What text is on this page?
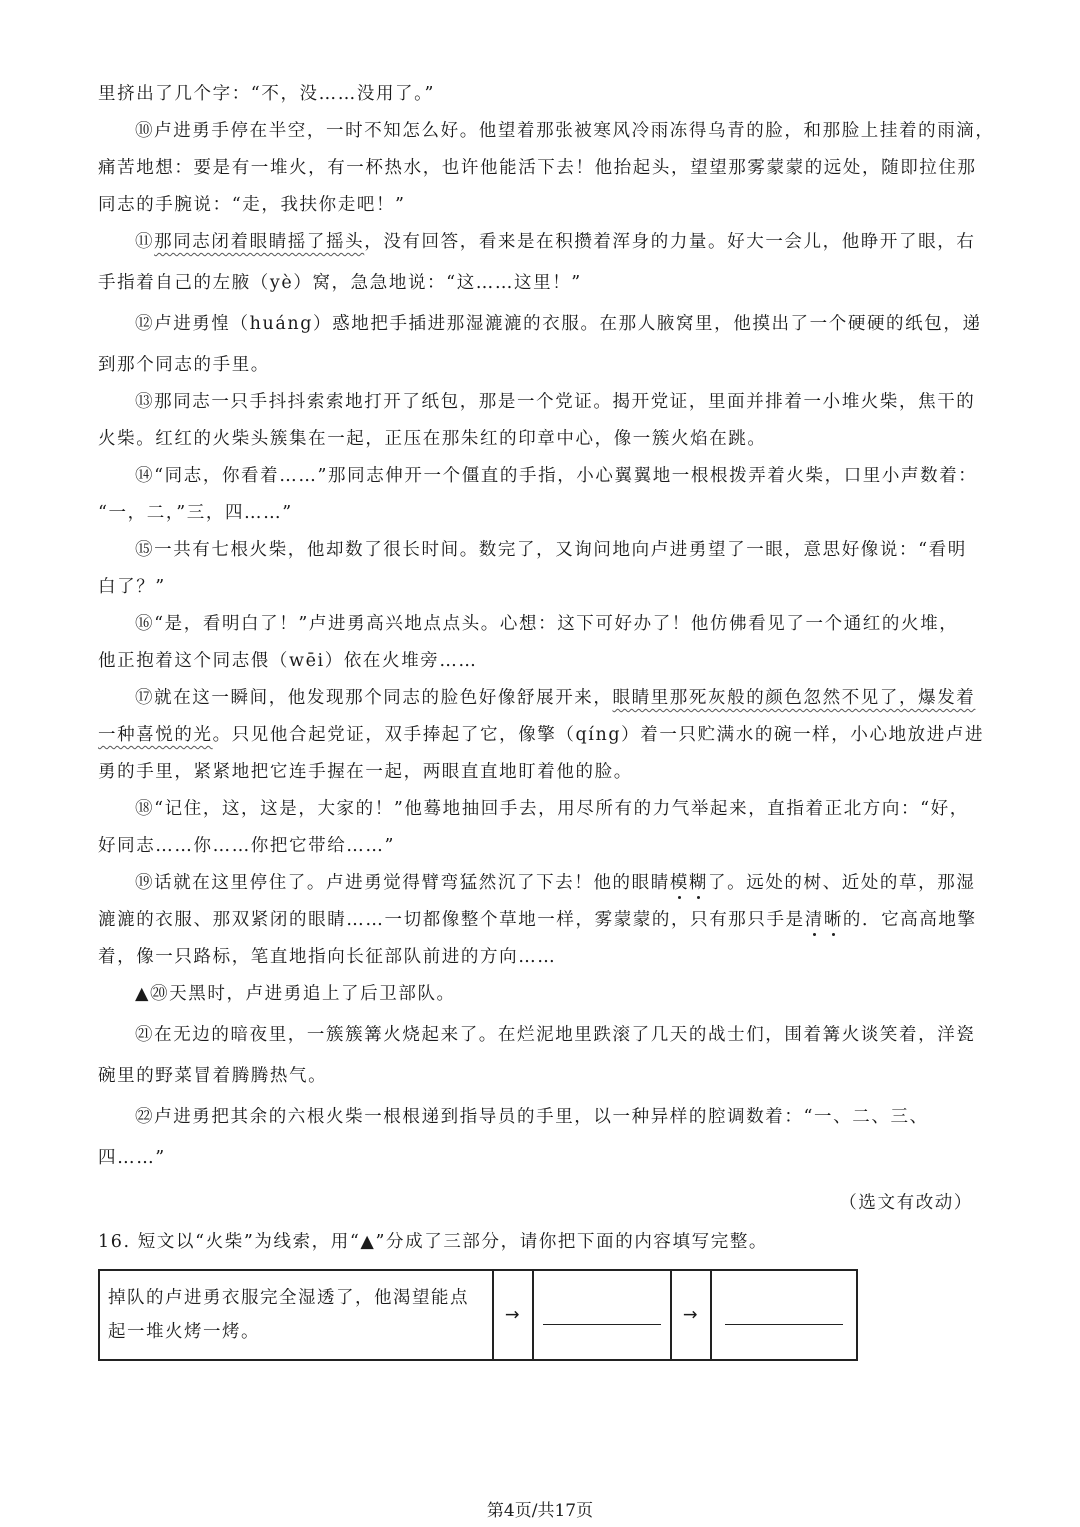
里挤出了几个字：“不，没……没用了。”
⑩卢进勇手停在半空，一时不知怎么好。他望着那张被寒风冷雨冻得乌青的脸，和那脸上挂着的雨滴，
痛苦地想：要是有一堆火，有一杯热水，也许他能活下去！他抬起头，望望那雾蒙蒙的远处，随即拉住那
同志的手腕说：“走，我扶你走吧！”
⑪那同志闭着眼睛摇了摇头，没有回答，看来是在积攒着浑身的力量。好大一会儿，他睁开了眼，右
手指着自己的左腋（yè）窝，急急地说：“这……这里！”
⑫卢进勇惶（huáng）惑地把手插进那湿漉漉的衣服。在那人腋窝里，他摸出了一个硬硬的纸包，递
到那个同志的手里。
⑬那同志一只手抖抖索索地打开了纸包，那是一个党证。揭开党证，里面并排着一小堆火柴，焦干的
火柴。红红的火柴头簇集在一起，正压在那朱红的印章中心，像一簇火焰在跳。
⑭“同志，你看着……”那同志伸开一个僵直的手指，小心翼翼地一根根拨弄着火柴，口里小声数着：
“一，二，”三，四……”
⑮一共有七根火柴，他却数了很长时间。数完了，又询问地向卢进勇望了一眼，意思好像说：“看明
白了？”
⑯“是，看明白了！”卢进勇高兴地点点头。心想：这下可好办了！他仿佛看见了一个通红的火堆，
他正抱着这个同志偎（wēi）依在火堆旁……
⑰就在这一瞬间，他发现那个同志的脸色好像舒展开来，眼睛里那死灰般的颜色忽然不见了，爆发着
一种喜悦的光。只见他合起党证，双手捧起了它，像擎（qíng）着一只贮满水的碗一样，小心地放进卢进
勇的手里，紧紧地把它连手握在一起，两眼直直地盯着他的脸。
⑱“记住，这，这是，大家的！”他蓦地抽回手去，用尽所有的力气举起来，直指着正北方向：“好，
好同志……你……你把它带给……”
⑲话就在这里停住了。卢进勇觉得臂弯猛然沉了下去！他的眼睛模糊了。远处的树、近处的草，那湿
漉漉的衣服、那双紧闭的眼睛……一切都像整个草地一样，雾蒙蒙的，只有那只手是清晰的．它高高地擎
着，像一只路标，笔直地指向长征部队前进的方向……
▲⑳天黑时，卢进勇追上了后卫部队。
㉑在无边的暗夜里，一簇簇篝火烧起来了。在烂泥地里跌滚了几天的战士们，围着篝火谈笑着，洋瓷
碗里的野菜冒着腾腾热气。
㉒卢进勇把其余的六根火柴一根根递到指导员的手里，以一种异样的腔调数着：“一、二、三、
四……”
（选文有改动）
16. 短文以“火柴”为线索，用“▲”分成了三部分，请你把下面的内容填写完整。
掉队的卢进勇衣服完全湿透了，他渴望能点
起一堆火烤一烤。
	→		→	
第4页/共17页
